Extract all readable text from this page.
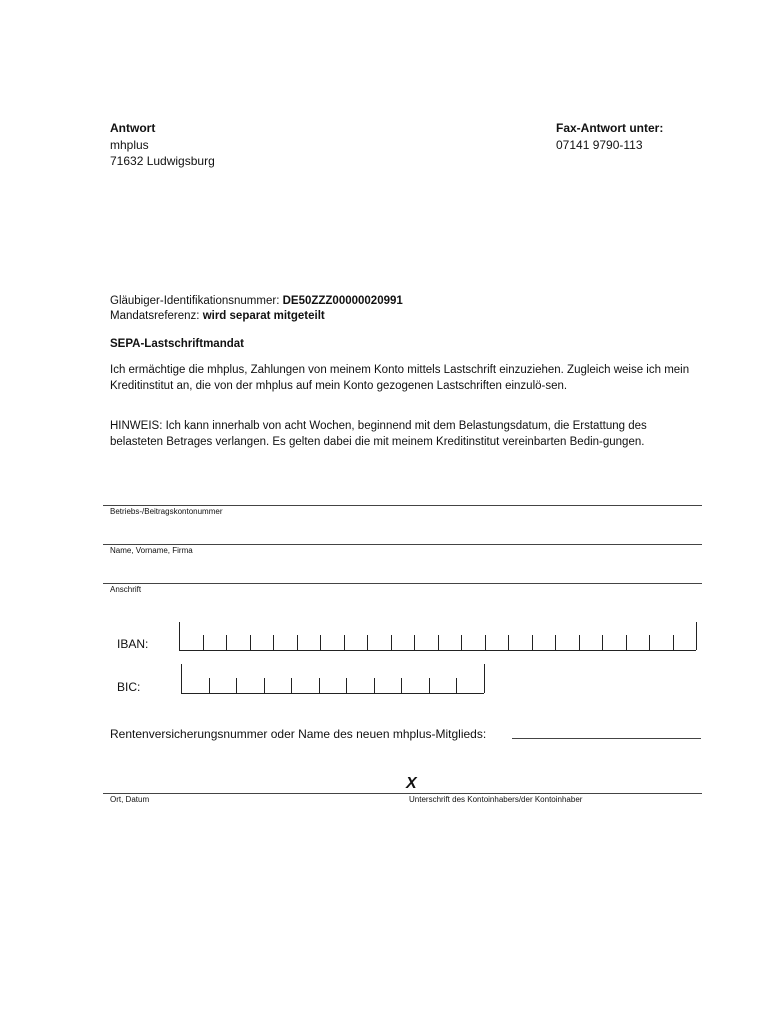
Antwort
mhplus
71632 Ludwigsburg
Fax-Antwort unter:
07141 9790-113
Gläubiger-Identifikationsnummer: DE50ZZZ00000020991
Mandatsreferenz: wird separat mitgeteilt
SEPA-Lastschriftmandat
Ich ermächtige die mhplus, Zahlungen von meinem Konto mittels Lastschrift einzuziehen. Zugleich weise ich mein Kreditinstitut an, die von der mhplus auf mein Konto gezogenen Lastschriften einzulö-sen.
HINWEIS: Ich kann innerhalb von acht Wochen, beginnend mit dem Belastungsdatum, die Erstattung des belasteten Betrages verlangen. Es gelten dabei die mit meinem Kreditinstitut vereinbarten Bedin-gungen.
Betriebs-/Beitragskontonummer
Name, Vorname, Firma
Anschrift
IBAN:
BIC:
Rentenversicherungsnummer oder Name des neuen mhplus-Mitglieds:
X
Ort, Datum	Unterschrift des Kontoinhabers/der Kontoinhaber
